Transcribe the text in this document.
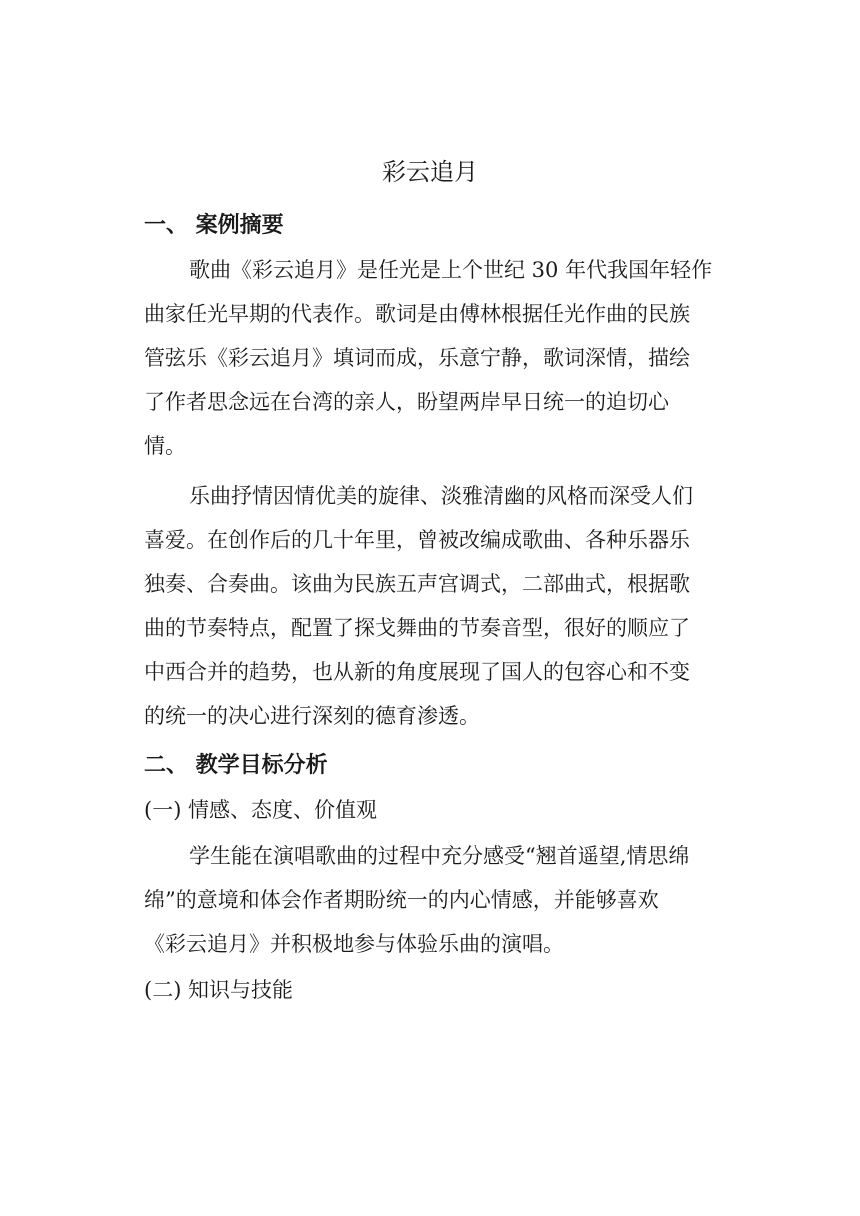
彩云追月
一、 案例摘要
歌曲《彩云追月》是任光是上个世纪 30 年代我国年轻作
曲家任光早期的代表作。歌词是由傅林根据任光作曲的民族
管弦乐《彩云追月》填词而成，乐意宁静，歌词深情，描绘
了作者思念远在台湾的亲人，盼望两岸早日统一的迫切心
情。
乐曲抒情因情优美的旋律、淡雅清幽的风格而深受人们
喜爱。在创作后的几十年里，曾被改编成歌曲、各种乐器乐
独奏、合奏曲。该曲为民族五声宫调式，二部曲式，根据歌
曲的节奏特点，配置了探戈舞曲的节奏音型，很好的顺应了
中西合并的趋势，也从新的角度展现了国人的包容心和不变
的统一的决心进行深刻的德育渗透。
二、 教学目标分析
(一) 情感、态度、价值观
学生能在演唱歌曲的过程中充分感受“翘首遥望,情思绵
绵”的意境和体会作者期盼统一的内心情感，并能够喜欢
《彩云追月》并积极地参与体验乐曲的演唱。
(二) 知识与技能
